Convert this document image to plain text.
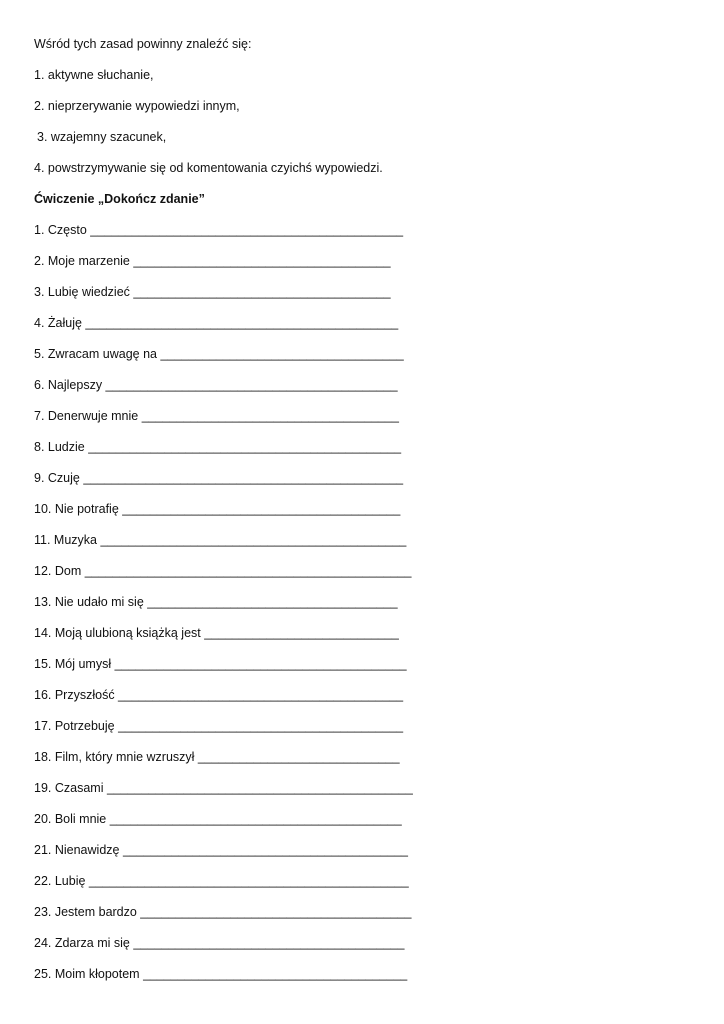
Wśród tych zasad powinny znaleźć się:
1. aktywne słuchanie,
2. nieprzerywanie wypowiedzi innym,
3. wzajemny szacunek,
4. powstrzymywanie się od komentowania czyichś wypowiedzi.
Ćwiczenie „Dokończ zdanie”
1. Często _____________________________________________
2. Moje marzenie _____________________________________
3. Lubię wiedzieć _____________________________________
4. Żałuję _____________________________________________
5. Zwracam uwagę na ___________________________________
6. Najlepszy __________________________________________
7. Denerwuje mnie _____________________________________
8. Ludzie _____________________________________________
9. Czuję ______________________________________________
10. Nie potrafię ________________________________________
11. Muzyka ____________________________________________
12. Dom _______________________________________________
13. Nie udało mi się ____________________________________
14. Moją ulubioną książką jest ____________________________
15. Mój umysł __________________________________________
16. Przyszłość _________________________________________
17. Potrzebuję _________________________________________
18. Film, który mnie wzruszył _____________________________
19. Czasami ____________________________________________
20. Boli mnie __________________________________________
21. Nienawidzę _________________________________________
22. Lubię ______________________________________________
23. Jestem bardzo _______________________________________
24. Zdarza mi się _______________________________________
25. Moim kłopotem ______________________________________
